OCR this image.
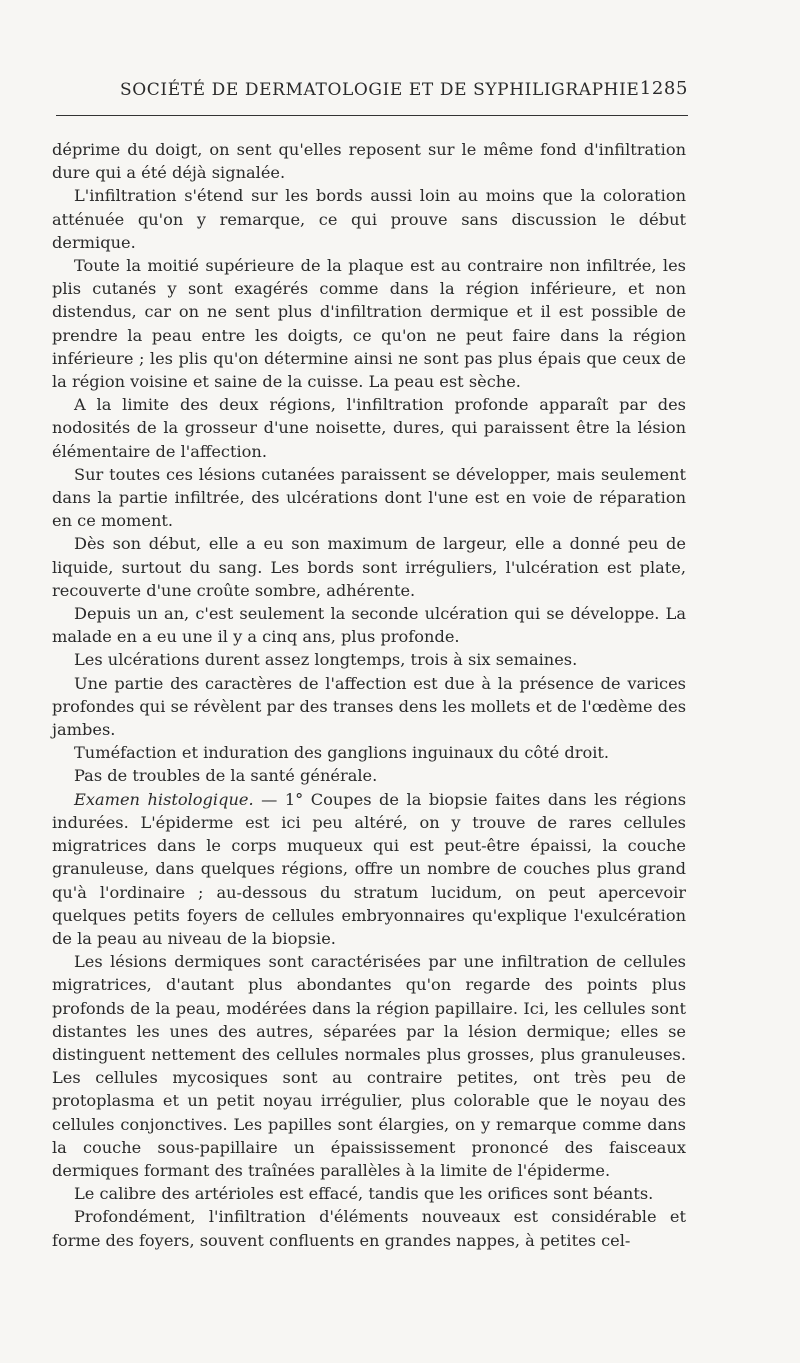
SOCIÉTÉ DE DERMATOLOGIE ET DE SYPHILIGRAPHIE 1285

déprime du doigt, on sent qu'elles reposent sur le même fond d'infiltration dure qui a été déjà signalée.

L'infiltration s'étend sur les bords aussi loin au moins que la coloration atténuée qu'on y remarque, ce qui prouve sans discussion le début dermique.

Toute la moitié supérieure de la plaque est au contraire non infiltrée, les plis cutanés y sont exagérés comme dans la région inférieure, et non distendus, car on ne sent plus d'infiltration dermique et il est possible de prendre la peau entre les doigts, ce qu'on ne peut faire dans la région inférieure ; les plis qu'on détermine ainsi ne sont pas plus épais que ceux de la région voisine et saine de la cuisse. La peau est sèche.

A la limite des deux régions, l'infiltration profonde apparaît par des nodosités de la grosseur d'une noisette, dures, qui paraissent être la lésion élémentaire de l'affection.

Sur toutes ces lésions cutanées paraissent se développer, mais seulement dans la partie infiltrée, des ulcérations dont l'une est en voie de réparation en ce moment.

Dès son début, elle a eu son maximum de largeur, elle a donné peu de liquide, surtout du sang. Les bords sont irréguliers, l'ulcération est plate, recouverte d'une croûte sombre, adhérente.

Depuis un an, c'est seulement la seconde ulcération qui se développe. La malade en a eu une il y a cinq ans, plus profonde.

Les ulcérations durent assez longtemps, trois à six semaines.

Une partie des caractères de l'affection est due à la présence de varices profondes qui se révèlent par des transes dens les mollets et de l'œdème des jambes.

Tuméfaction et induration des ganglions inguinaux du côté droit.

Pas de troubles de la santé générale.

Examen histologique. — 1° Coupes de la biopsie faites dans les régions indurées. L'épiderme est ici peu altéré, on y trouve de rares cellules migratrices dans le corps muqueux qui est peut-être épaissi, la couche granuleuse, dans quelques régions, offre un nombre de couches plus grand qu'à l'ordinaire ; au-dessous du stratum lucidum, on peut apercevoir quelques petits foyers de cellules embryonnaires qu'explique l'exulcération de la peau au niveau de la biopsie.

Les lésions dermiques sont caractérisées par une infiltration de cellules migratrices, d'autant plus abondantes qu'on regarde des points plus profonds de la peau, modérées dans la région papillaire. Ici, les cellules sont distantes les unes des autres, séparées par la lésion dermique; elles se distinguent nettement des cellules normales plus grosses, plus granuleuses. Les cellules mycosiques sont au contraire petites, ont très peu de protoplasma et un petit noyau irrégulier, plus colorable que le noyau des cellules conjonctives. Les papilles sont élargies, on y remarque comme dans la couche sous-papillaire un épaississement prononcé des faisceaux dermiques formant des traînées parallèles à la limite de l'épiderme.

Le calibre des artérioles est effacé, tandis que les orifices sont béants.

Profondément, l'infiltration d'éléments nouveaux est considérable et forme des foyers, souvent confluents en grandes nappes, à petites cel-
